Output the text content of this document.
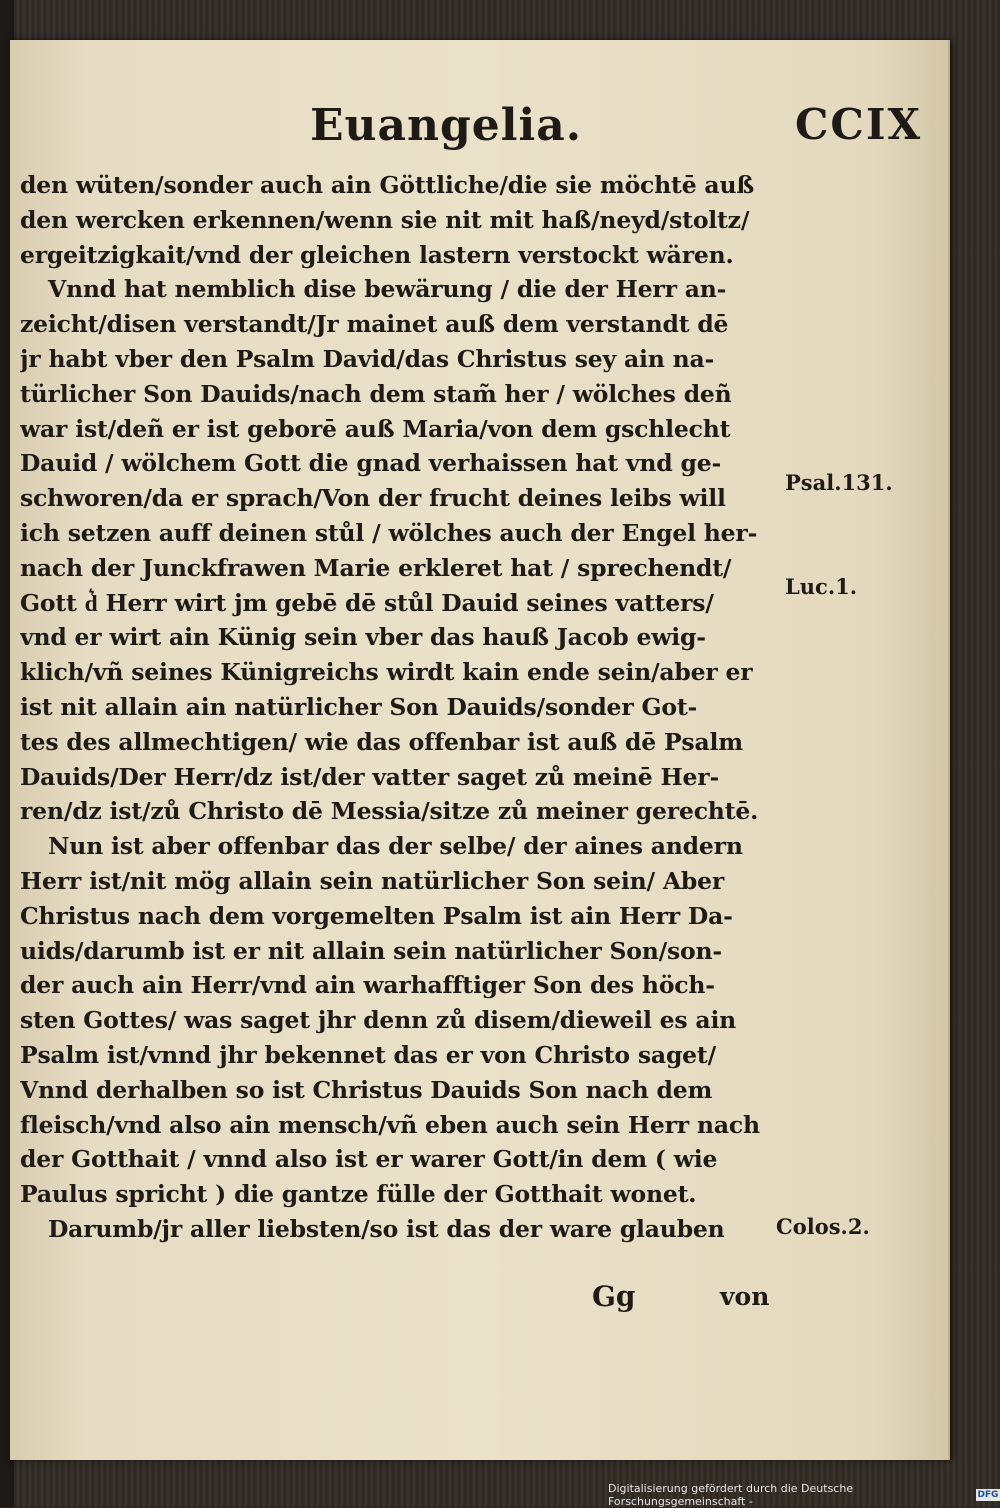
Euangelia.	CCIX
den wüten/sonder auch ain Göttliche/die sie möchtē auß
den wercken erkennen/wenn sie nit mit haß/neyd/stoltz/
ergeitzigkait/vnd der gleichen lastern verstockt wären.
Vnnd hat nemblich dise bewärung / die der Herr an-
zeicht/disen verstandt/Jr mainet auß dem verstandt dē
jr habt vber den Psalm David/das Christus sey ain na-
türlicher Son Dauids/nach dem stam̃ her / wölches deñ
war ist/deñ er ist geborē auß Maria/von dem gschlecht
Dauid / wölchem Gott die gnad verhaissen hat vnd ge-
schworen/da er sprach/Von der frucht deines leibs will
ich setzen auff deinen stůl / wölches auch der Engel her-
nach der Junckfrawen Marie erkleret hat / sprechendt/
Gott d͛ Herr wirt jm gebē dē stůl Dauid seines vatters/
vnd er wirt ain Künig sein vber das hauß Jacob ewig-
klich/vñ seines Künigreichs wirdt kain ende sein/aber er
ist nit allain ain natürlicher Son Dauids/sonder Got-
tes des allmechtigen/ wie das offenbar ist auß dē Psalm
Dauids/Der Herr/dz ist/der vatter saget zů meinē Her-
ren/dz ist/zů Christo dē Messia/sitze zů meiner gerechtē.
Nun ist aber offenbar das der selbe/ der aines andern
Herr ist/nit mög allain sein natürlicher Son sein/ Aber
Christus nach dem vorgemelten Psalm ist ain Herr Da-
uids/darumb ist er nit allain sein natürlicher Son/son-
der auch ain Herr/vnd ain warhafftiger Son des höch-
sten Gottes/ was saget jhr denn zů disem/dieweil es ain
Psalm ist/vnnd jhr bekennet das er von Christo saget/
Vnnd derhalben so ist Christus Dauids Son nach dem
fleisch/vnd also ain mensch/vñ eben auch sein Herr nach
der Gotthait / vnnd also ist er warer Gott/in dem ( wie
Paulus spricht ) die gantze fülle der Gotthait wonet.
Darumb/jr aller liebsten/so ist das der ware glauben
Psal.131.
Luc.1.
Colos.2.
Gg	von
Digitalisierung gefördert durch die Deutsche Forschungsgemeinschaft -	DFG
